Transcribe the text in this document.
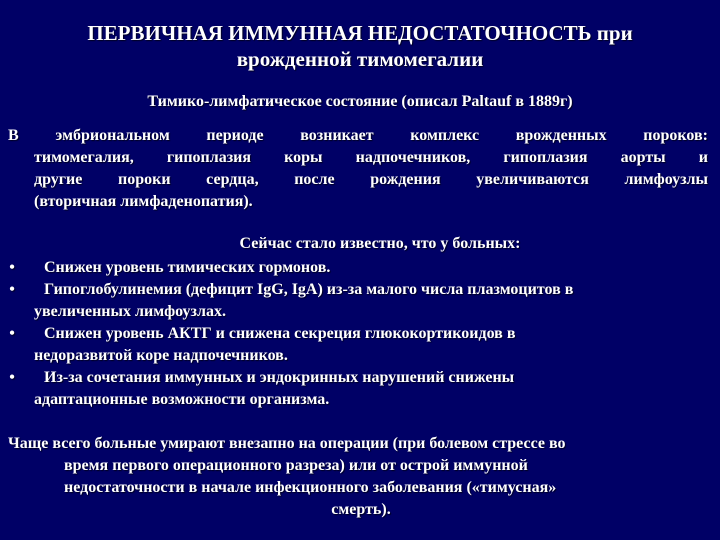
ПЕРВИЧНАЯ ИММУННАЯ НЕДОСТАТОЧНОСТЬ при
врожденной тимомегалии
Тимико-лимфатическое состояние (описал Paltauf в 1889г)
В эмбриональном периоде возникает комплекс врожденных пороков:
тимомегалия, гипоплазия коры надпочечников, гипоплазия аорты и
другие пороки сердца, после рождения увеличиваются лимфоузлы
(вторичная лимфаденопатия).
Сейчас стало известно, что у больных:
•	Снижен уровень тимических гормонов.
•	Гипоглобулинемия (дефицит IgG, IgA) из-за малого числа плазмоцитов в
увеличенных лимфоузлах.
•	Снижен уровень АКТГ и снижена секреция глюкокортикоидов в
недоразвитой коре надпочечников.
•	Из-за сочетания иммунных и эндокринных нарушений снижены
адаптационные возможности организма.
Чаще всего больные умирают внезапно на операции (при болевом стрессе во
время первого операционного разреза) или от острой иммунной
недостаточности в начале инфекционного заболевания («тимусная»
смерть).
